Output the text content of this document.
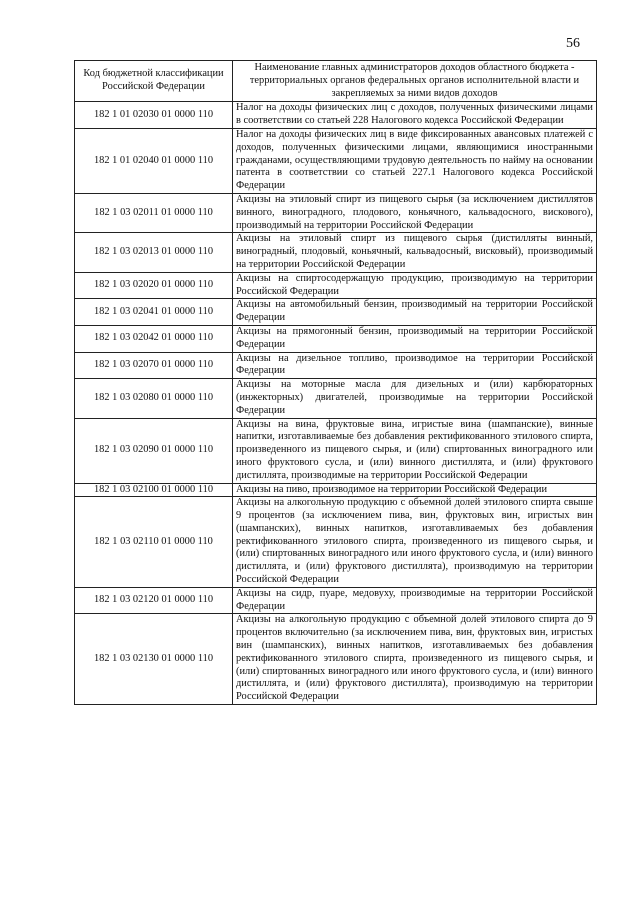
56
Код бюджетной классификации Российской Федерации	Наименование главных администраторов доходов областного бюджета - территориальных органов федеральных органов исполнительной власти и закрепляемых за ними видов доходов
182 1 01 02030 01 0000 110	Налог на доходы физических лиц с доходов, полученных физическими лицами в соответствии со статьей 228 Налогового кодекса Российской Федерации
182 1 01 02040 01 0000 110	Налог на доходы физических лиц в виде фиксированных авансовых платежей с доходов, полученных физическими лицами, являющимися иностранными гражданами, осуществляющими трудовую деятельность по найму на основании патента в соответствии со статьей 227.1 Налогового кодекса Российской Федерации
182 1 03 02011 01 0000 110	Акцизы на этиловый спирт из пищевого сырья (за исключением дистиллятов винного, виноградного, плодового, коньячного, кальвадосного, вискового), производимый на территории Российской Федерации
182 1 03 02013 01 0000 110	Акцизы на этиловый спирт из пищевого сырья (дистилляты винный, виноградный, плодовый, коньячный, кальвадосный, висковый), производимый на территории Российской Федерации
182 1 03 02020 01 0000 110	Акцизы на спиртосодержащую продукцию, производимую на территории Российской Федерации
182 1 03 02041 01 0000 110	Акцизы на автомобильный бензин, производимый на территории Российской Федерации
182 1 03 02042 01 0000 110	Акцизы на прямогонный бензин, производимый на территории Российской Федерации
182 1 03 02070 01 0000 110	Акцизы на дизельное топливо, производимое на территории Российской Федерации
182 1 03 02080 01 0000 110	Акцизы на моторные масла для дизельных и (или) карбюраторных (инжекторных) двигателей, производимые на территории Российской Федерации
182 1 03 02090 01 0000 110	Акцизы на вина, фруктовые вина, игристые вина (шампанские), винные напитки, изготавливаемые без добавления ректификованного этилового спирта, произведенного из пищевого сырья, и (или) спиртованных виноградного или иного фруктового сусла, и (или) винного дистиллята, и (или) фруктового дистиллята, производимые на территории Российской Федерации
182 1 03 02100 01 0000 110	Акцизы на пиво, производимое на территории Российской Федерации
182 1 03 02110 01 0000 110	Акцизы на алкогольную продукцию с объемной долей этилового спирта свыше 9 процентов (за исключением пива, вин, фруктовых вин, игристых вин (шампанских), винных напитков, изготавливаемых без добавления ректификованного этилового спирта, произведенного из пищевого сырья, и (или) спиртованных виноградного или иного фруктового сусла, и (или) винного дистиллята, и (или) фруктового дистиллята), производимую на территории Российской Федерации
182 1 03 02120 01 0000 110	Акцизы на сидр, пуаре, медовуху, производимые на территории Российской Федерации
182 1 03 02130 01 0000 110	Акцизы на алкогольную продукцию с объемной долей этилового спирта до 9 процентов включительно (за исключением пива, вин, фруктовых вин, игристых вин (шампанских), винных напитков, изготавливаемых без добавления ректификованного этилового спирта, произведенного из пищевого сырья, и (или) спиртованных виноградного или иного фруктового сусла, и (или) винного дистиллята, и (или) фруктового дистиллята), производимую на территории Российской Федерации
